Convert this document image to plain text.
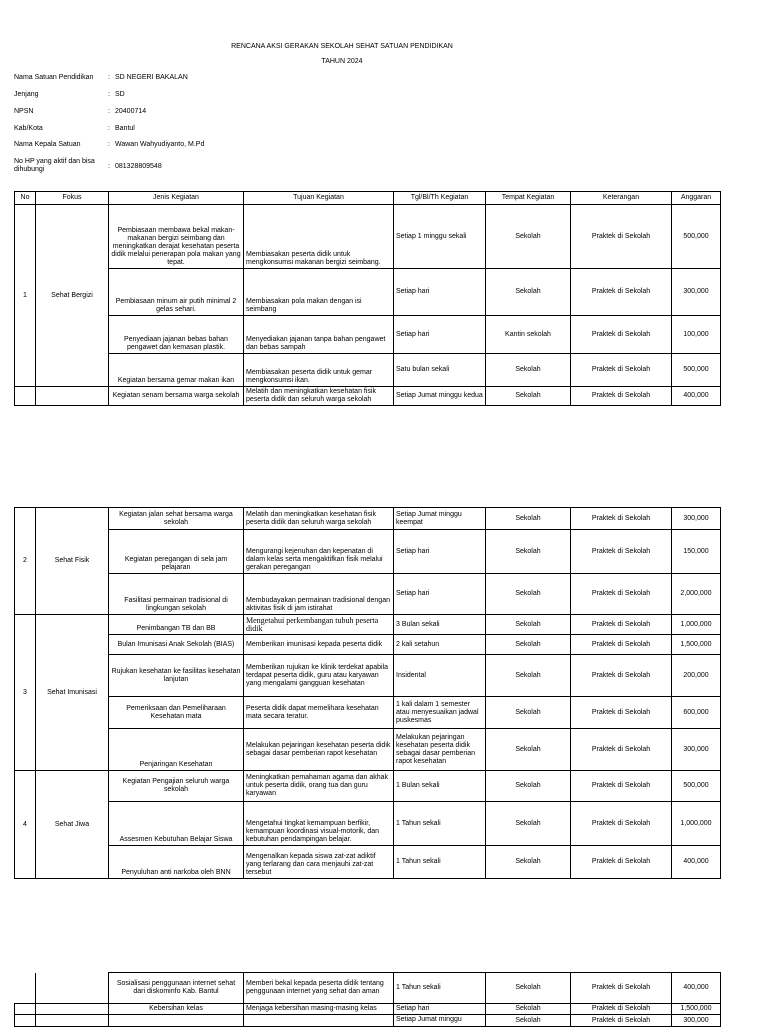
RENCANA AKSI GERAKAN SEKOLAH SEHAT SATUAN PENDIDIKAN
TAHUN 2024
Nama Satuan Pendidikan	: SD NEGERI BAKALAN
Jenjang	: SD
NPSN	: 20400714
Kab/Kota	: Bantul
Nama Kepala Satuan	: Wawan Wahyudiyanto, M.Pd
No HP yang aktif dan bisa dihubungi	: 081328809548
No	Fokus	Jenis Kegiatan	Tujuan Kegiatan	Tgl/Bl/Th Kegiatan	Tempat Kegiatan	Keterangan	Anggaran
1	Sehat Bergizi	Pembiasaan membawa bekal makan-makanan bergizi seimbang dan meningkatkan derajat kesehatan peserta didik melalui penerapan pola makan yang tepat.	Membiasakan peserta didik untuk mengkonsumsi makanan bergizi seimbang.	Setiap 1 minggu sekali	Sekolah	Praktek di Sekolah	500,000
		Pembiasaan minum air putih minimal 2 gelas sehari.	Membiasakan pola makan dengan isi seimbang	Setiap hari	Sekolah	Praktek di Sekolah	300,000
		Penyediaan jajanan bebas bahan pengawet dan kemasan plastik.	Menyediakan jajanan tanpa bahan pengawet dan bebas sampah	Setiap hari	Kantin sekolah	Praktek di Sekolah	100,000
		Kegiatan bersama gemar makan ikan	Membiasakan peserta didik untuk gemar mengkonsumsi ikan.	Satu bulan sekali	Sekolah	Praktek di Sekolah	500,000
		Kegiatan senam bersama warga sekolah	Melatih dan meningkatkan kesehatan fisik peserta didik dan seluruh warga sekolah	Setiap Jumat minggu kedua	Sekolah	Praktek di Sekolah	400,000
2	Sehat Fisik	Kegiatan jalan sehat bersama warga sekolah	Melatih dan meningkatkan kesehatan fisik peserta didik dan seluruh warga sekolah	Setiap Jumat minggu keempat	Sekolah	Praktek di Sekolah	300,000
		Kegiatan peregangan di sela jam pelajaran	Mengurangi kejenuhan dan kepenatan di dalam kelas serta mengaktifkan fisik melalui gerakan peregangan	Setiap hari	Sekolah	Praktek di Sekolah	150,000
		Fasilitasi permainan tradisional di lingkungan sekolah	Membudayakan permainan tradisional dengan aktivitas fisik di jam istirahat	Setiap hari	Sekolah	Praktek di Sekolah	2,000,000
3	Sehat Imunisasi	Penimbangan TB dan BB	Mengetahui perkembangan tubuh peserta didik	3 Bulan sekali	Sekolah	Praktek di Sekolah	1,000,000
		Bulan Imunisasi Anak Sekolah (BIAS)	Memberikan imunisasi kepada peserta didik	2 kali setahun	Sekolah	Praktek di Sekolah	1,500,000
		Rujukan kesehatan ke fasilitas kesehatan lanjutan	Memberikan rujukan ke klinik terdekat apabila terdapat peserta didik, guru atau karyawan yang mengalami gangguan kesehatan	Insidental	Sekolah	Praktek di Sekolah	200,000
		Pemeriksaan dan Pemeliharaan Kesehatan mata	Peserta didik dapat memelihara kesehatan mata secara teratur.	1 kali dalam 1 semester atau menyesuaikan jadwal puskesmas	Sekolah	Praktek di Sekolah	600,000
		Penjaringan Kesehatan	Melakukan pejaringan kesehatan peserta didik sebagai dasar pemberian rapot kesehatan	Melakukan pejaringan kesehatan peserta didik sebagai dasar pemberian rapot kesehatan	Sekolah	Praktek di Sekolah	300,000
4	Sehat Jiwa	Kegiatan Pengajian seluruh warga sekolah	Meningkatkan pemahaman agama dan akhak untuk peserta didik, orang tua dan guru karyawan	1 Bulan sekali	Sekolah	Praktek di Sekolah	500,000
		Assesmen Kebutuhan Belajar Siswa	Mengetahui tingkat kemampuan berfikir, kemampuan koordinasi visual-motorik, dan kebutuhan pendampingan belajar.	1 Tahun sekali	Sekolah	Praktek di Sekolah	1,000,000
		Penyuluhan anti narkoba oleh BNN	Mengenalkan kepada siswa zat-zat adiktif yang terlarang dan cara menjauhi zat-zat tersebut	1 Tahun sekali	Sekolah	Praktek di Sekolah	400,000
		Sosialisasi penggunaan internet sehat dari diskominfo Kab. Bantul	Memberi bekal kepada peserta didik tentang penggunaan internet yang sehat dan aman	1 Tahun sekali	Sekolah	Praktek di Sekolah	400,000
		Kebersihan kelas	Menjaga kebersihan masing-masing kelas	Setiap hari	Sekolah	Praktek di Sekolah	1,500,000
				Setiap Jumat minggu	Sekolah	Praktek di Sekolah	300,000
